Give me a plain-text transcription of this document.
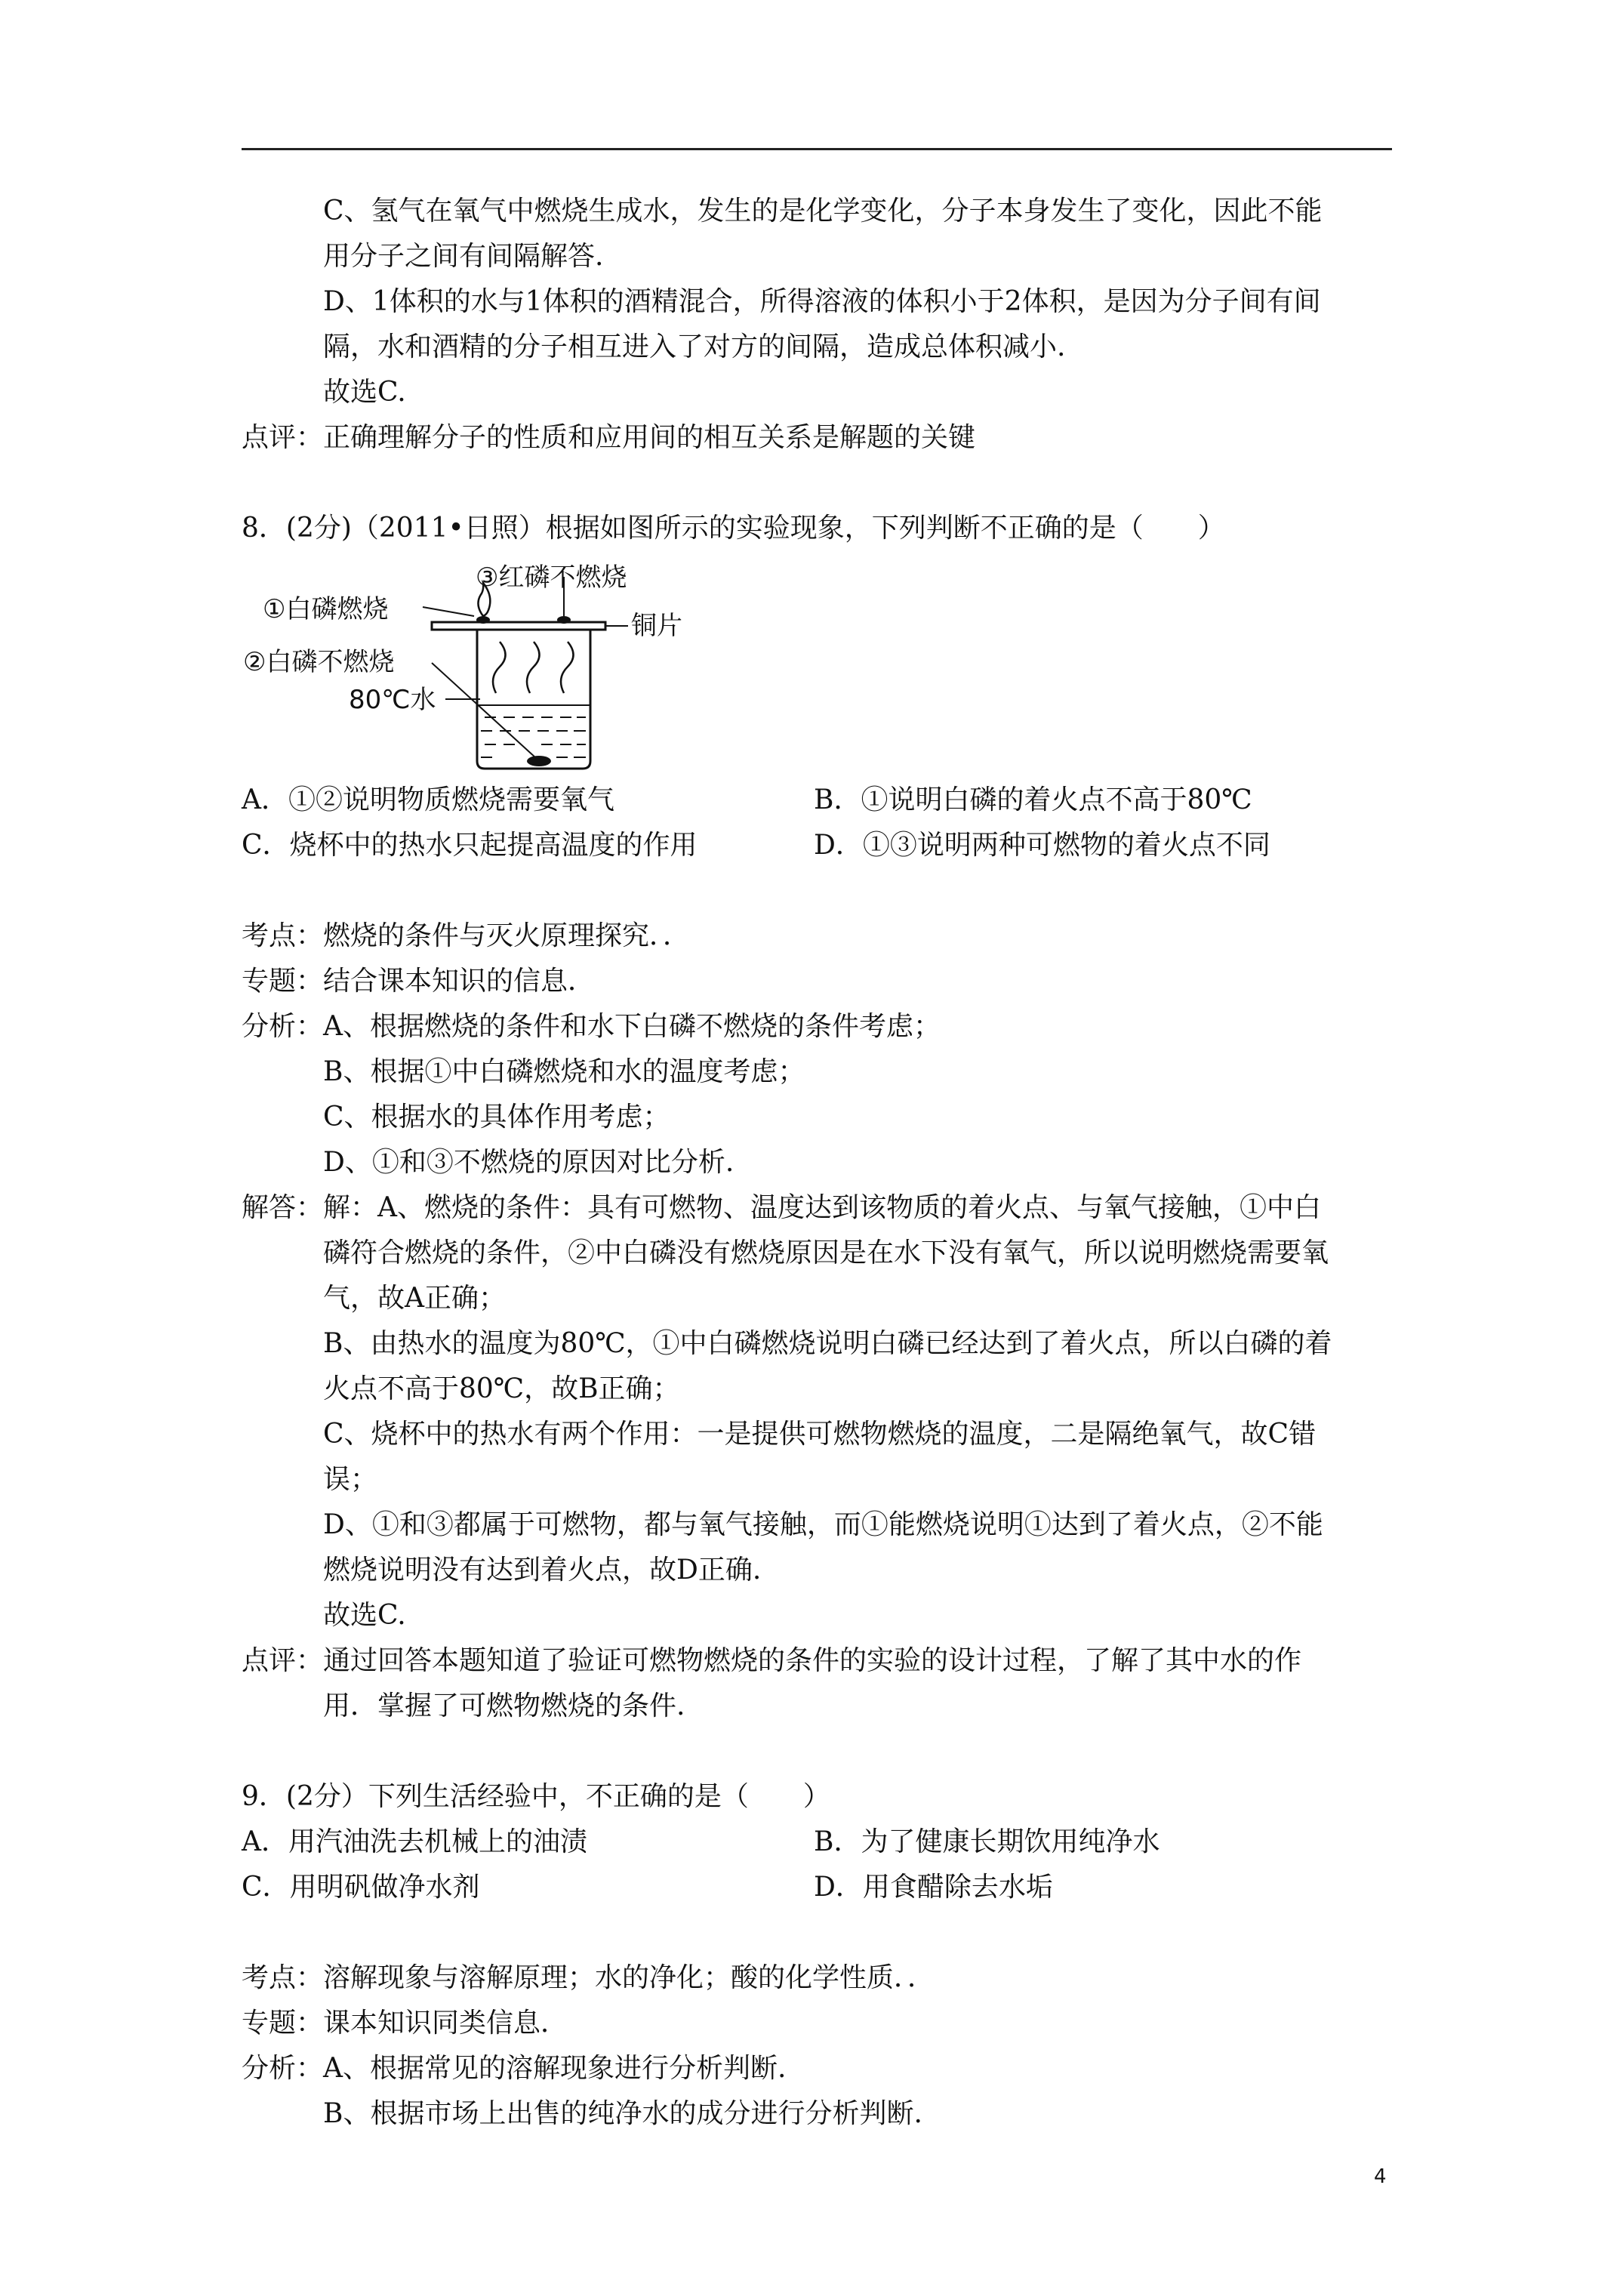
C、氢气在氧气中燃烧生成水，发生的是化学变化，分子本身发生了变化，因此不能
用分子之间有间隔解答.
D、1体积的水与1体积的酒精混合，所得溶液的体积小于2体积，是因为分子间有间
隔，水和酒精的分子相互进入了对方的间隔，造成总体积减小.
故选C.
点评：正确理解分子的性质和应用间的相互关系是解题的关键
8．(2分)（2011•日照）根据如图所示的实验现象，下列判断不正确的是（　　）
③红磷不燃烧
①白磷燃烧
铜片
②白磷不燃烧
80℃水
A．①②说明物质燃烧需要氧气	B．①说明白磷的着火点不高于80℃
C．烧杯中的热水只起提高温度的作用	D．①③说明两种可燃物的着火点不同
考点：燃烧的条件与灭火原理探究．．
专题：结合课本知识的信息．
分析：A、根据燃烧的条件和水下白磷不燃烧的条件考虑；
B、根据①中白磷燃烧和水的温度考虑；
C、根据水的具体作用考虑；
D、①和③不燃烧的原因对比分析.
解答：解：A、燃烧的条件：具有可燃物、温度达到该物质的着火点、与氧气接触，①中白
磷符合燃烧的条件，②中白磷没有燃烧原因是在水下没有氧气，所以说明燃烧需要氧
气，故A正确；
B、由热水的温度为80℃，①中白磷燃烧说明白磷已经达到了着火点，所以白磷的着
火点不高于80℃，故B正确；
C、烧杯中的热水有两个作用：一是提供可燃物燃烧的温度，二是隔绝氧气，故C错
误；
D、①和③都属于可燃物，都与氧气接触，而①能燃烧说明①达到了着火点，②不能
燃烧说明没有达到着火点，故D正确.
故选C.
点评：通过回答本题知道了验证可燃物燃烧的条件的实验的设计过程，了解了其中水的作
用．掌握了可燃物燃烧的条件.
9．(2分）下列生活经验中，不正确的是（　　）
A．用汽油洗去机械上的油渍	B．为了健康长期饮用纯净水
C．用明矾做净水剂	D．用食醋除去水垢
考点：溶解现象与溶解原理；水的净化；酸的化学性质．．
专题：课本知识同类信息．
分析：A、根据常见的溶解现象进行分析判断.
B、根据市场上出售的纯净水的成分进行分析判断.
4
